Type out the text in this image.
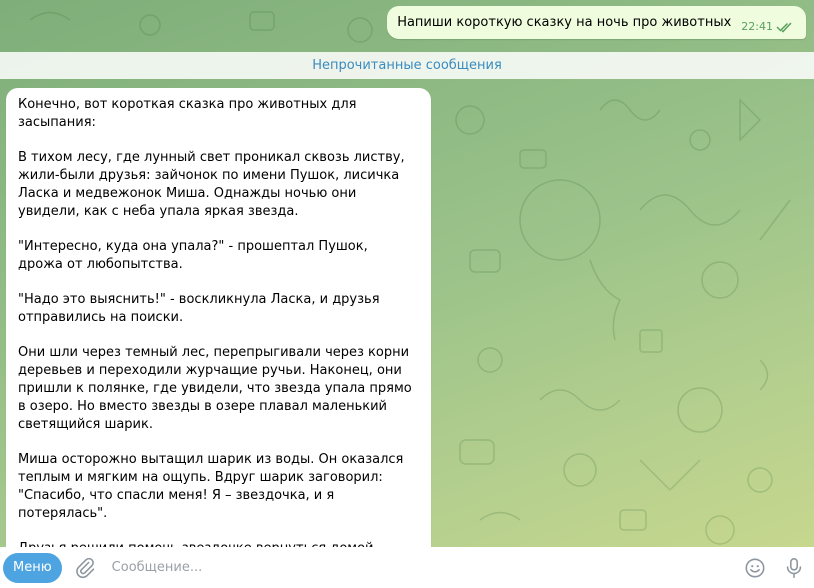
Напиши короткую сказку на ночь про животных 22:41
Непрочитанные сообщения

Конечно, вот короткая сказка про животных для засыпания:

В тихом лесу, где лунный свет проникал сквозь листву, жили-были друзья: зайчонок по имени Пушок, лисичка Ласка и медвежонок Миша. Однажды ночью они увидели, как с неба упала яркая звезда.

"Интересно, куда она упала?" - прошептал Пушок, дрожа от любопытства.

"Надо это выяснить!" - воскликнула Ласка, и друзья отправились на поиски.

Они шли через темный лес, перепрыгивали через корни деревьев и переходили журчащие ручьи. Наконец, они пришли к полянке, где увидели, что звезда упала прямо в озеро. Но вместо звезды в озере плавал маленький светящийся шарик.

Миша осторожно вытащил шарик из воды. Он оказался теплым и мягким на ощупь. Вдруг шарик заговорил: "Спасибо, что спасли меня! Я – звездочка, и я потерялась".

Меню
Сообщение...
